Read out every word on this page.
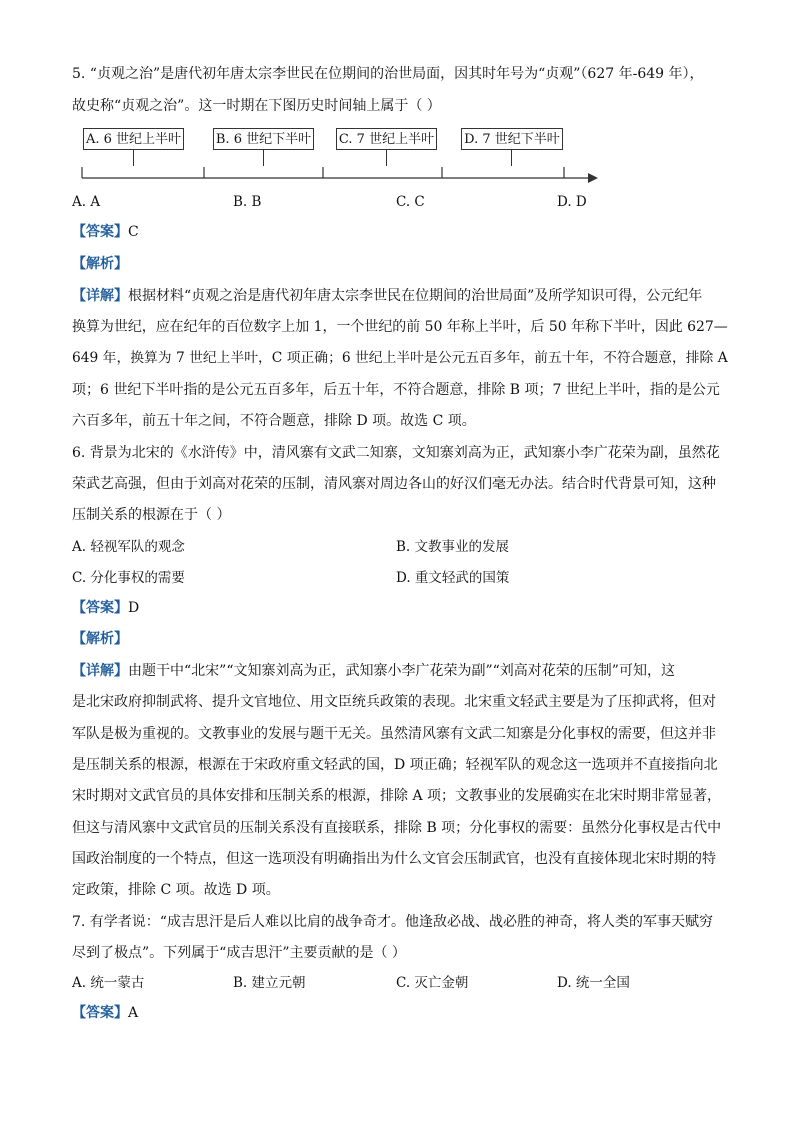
5. “贞观之治”是唐代初年唐太宗李世民在位期间的治世局面，因其时年号为“贞观”（627 年-649 年），
故史称“贞观之治”。这一时期在下图历史时间轴上属于（ ）
A. 6 世纪上半叶	B. 6 世纪下半叶 C. 7 世纪上半叶 D. 7 世纪下半叶
A. A	B. B	C. C	D. D
【答案】C
【解析】
【详解】根据材料“贞观之治是唐代初年唐太宗李世民在位期间的治世局面”及所学知识可得，公元纪年
换算为世纪，应在纪年的百位数字上加 1，一个世纪的前 50 年称上半叶，后 50 年称下半叶，因此 627—
649 年，换算为 7 世纪上半叶，C 项正确；6 世纪上半叶是公元五百多年，前五十年，不符合题意，排除 A
项；6 世纪下半叶指的是公元五百多年，后五十年，不符合题意，排除 B 项；7 世纪上半叶，指的是公元
六百多年，前五十年之间，不符合题意，排除 D 项。故选 C 项。
6. 背景为北宋的《水浒传》中，清风寨有文武二知寨，文知寨刘高为正，武知寨小李广花荣为副，虽然花
荣武艺高强，但由于刘高对花荣的压制，清风寨对周边各山的好汉们毫无办法。结合时代背景可知，这种
压制关系的根源在于（ ）
A. 轻视军队的观念	B. 文教事业的发展
C. 分化事权的需要	D. 重文轻武的国策
【答案】D
【解析】
【详解】由题干中“北宋”“文知寨刘高为正，武知寨小李广花荣为副”“刘高对花荣的压制”可知，这
是北宋政府抑制武将、提升文官地位、用文臣统兵政策的表现。北宋重文轻武主要是为了压抑武将，但对
军队是极为重视的。文教事业的发展与题干无关。虽然清风寨有文武二知寨是分化事权的需要，但这并非
是压制关系的根源，根源在于宋政府重文轻武的国，D 项正确；轻视军队的观念这一选项并不直接指向北
宋时期对文武官员的具体安排和压制关系的根源，排除 A 项；文教事业的发展确实在北宋时期非常显著，
但这与清风寨中文武官员的压制关系没有直接联系，排除 B 项；分化事权的需要：虽然分化事权是古代中
国政治制度的一个特点，但这一选项没有明确指出为什么文官会压制武官，也没有直接体现北宋时期的特
定政策，排除 C 项。故选 D 项。
7. 有学者说：“成吉思汗是后人难以比肩的战争奇才。他逢敌必战、战必胜的神奇，将人类的军事天赋穷
尽到了极点”。下列属于“成吉思汗”主要贡献的是（ ）
A. 统一蒙古	B. 建立元朝	C. 灭亡金朝	D. 统一全国
【答案】A
